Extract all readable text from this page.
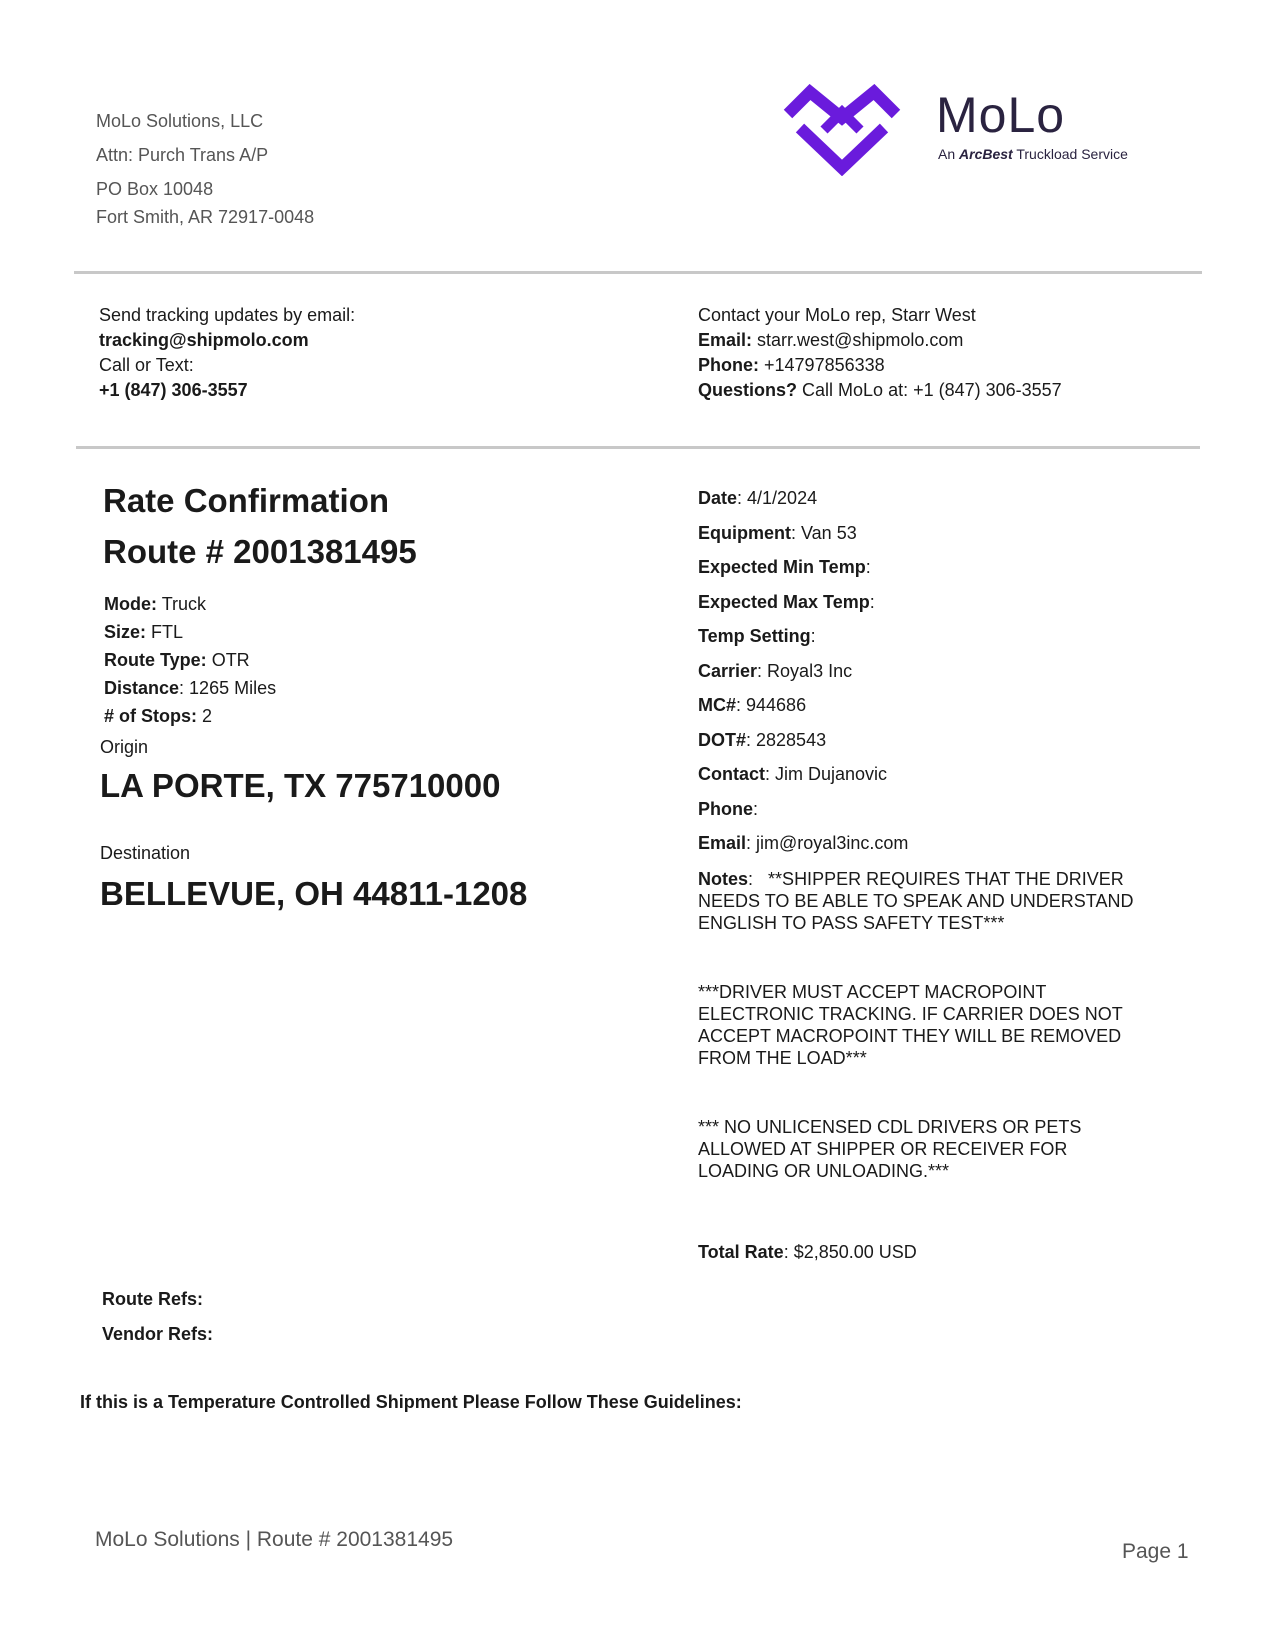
MoLo Solutions, LLC
Attn: Purch Trans A/P
PO Box 10048
Fort Smith, AR 72917-0048
MoLo
An ArcBest Truckload Service
Send tracking updates by email:
tracking@shipmolo.com
Call or Text:
+1 (847) 306-3557
Contact your MoLo rep, Starr West
Email: starr.west@shipmolo.com
Phone: +14797856338
Questions? Call MoLo at: +1 (847) 306-3557
Rate Confirmation
Route # 2001381495
Mode: Truck
Size: FTL
Route Type: OTR
Distance: 1265 Miles
# of Stops: 2
Origin
LA PORTE, TX 775710000
Destination
BELLEVUE, OH 44811-1208
Date: 4/1/2024
Equipment: Van 53
Expected Min Temp:
Expected Max Temp:
Temp Setting:
Carrier: Royal3 Inc
MC#: 944686
DOT#: 2828543
Contact: Jim Dujanovic
Phone:
Email: jim@royal3inc.com

Notes: **SHIPPER REQUIRES THAT THE DRIVER NEEDS TO BE ABLE TO SPEAK AND UNDERSTAND ENGLISH TO PASS SAFETY TEST***

***DRIVER MUST ACCEPT MACROPOINT ELECTRONIC TRACKING. IF CARRIER DOES NOT ACCEPT MACROPOINT THEY WILL BE REMOVED FROM THE LOAD***

*** NO UNLICENSED CDL DRIVERS OR PETS ALLOWED AT SHIPPER OR RECEIVER FOR LOADING OR UNLOADING.***

Total Rate: $2,850.00 USD
Route Refs:
Vendor Refs:
If this is a Temperature Controlled Shipment Please Follow These Guidelines:
MoLo Solutions | Route # 2001381495
Page 1
